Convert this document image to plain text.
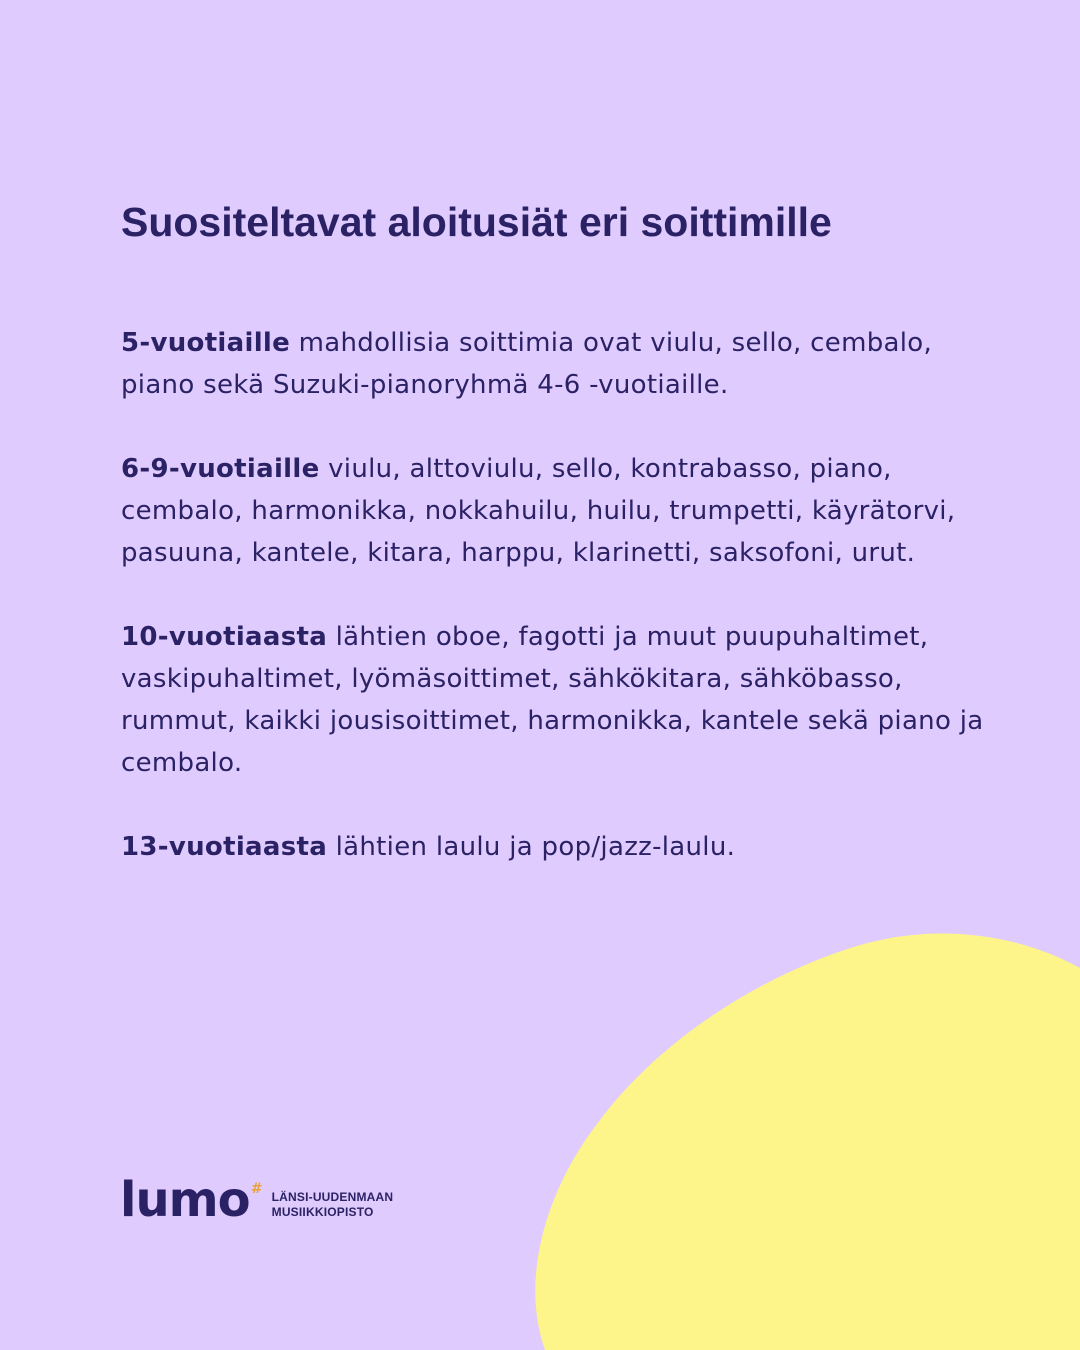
Suositeltavat aloitusiät eri soittimille

5-vuotiaille mahdollisia soittimia ovat viulu, sello, cembalo, piano sekä Suzuki-pianoryhmä 4-6 -vuotiaille.

6-9-vuotiaille viulu, alttoviulu, sello, kontrabasso, piano, cembalo, harmonikka, nokkahuilu, huilu, trumpetti, käyrätorvi, pasuuna, kantele, kitara, harppu, klarinetti, saksofoni, urut.

10-vuotiaasta lähtien oboe, fagotti ja muut puupuhaltimet, vaskipuhaltimet, lyömäsoittimet, sähkökitara, sähköbasso, rummut, kaikki jousisoittimet, harmonikka, kantele sekä piano ja cembalo.

13-vuotiaasta lähtien laulu ja pop/jazz-laulu.

lumo # LÄNSI-UUDENMAAN
MUSIIKKIOPISTO
